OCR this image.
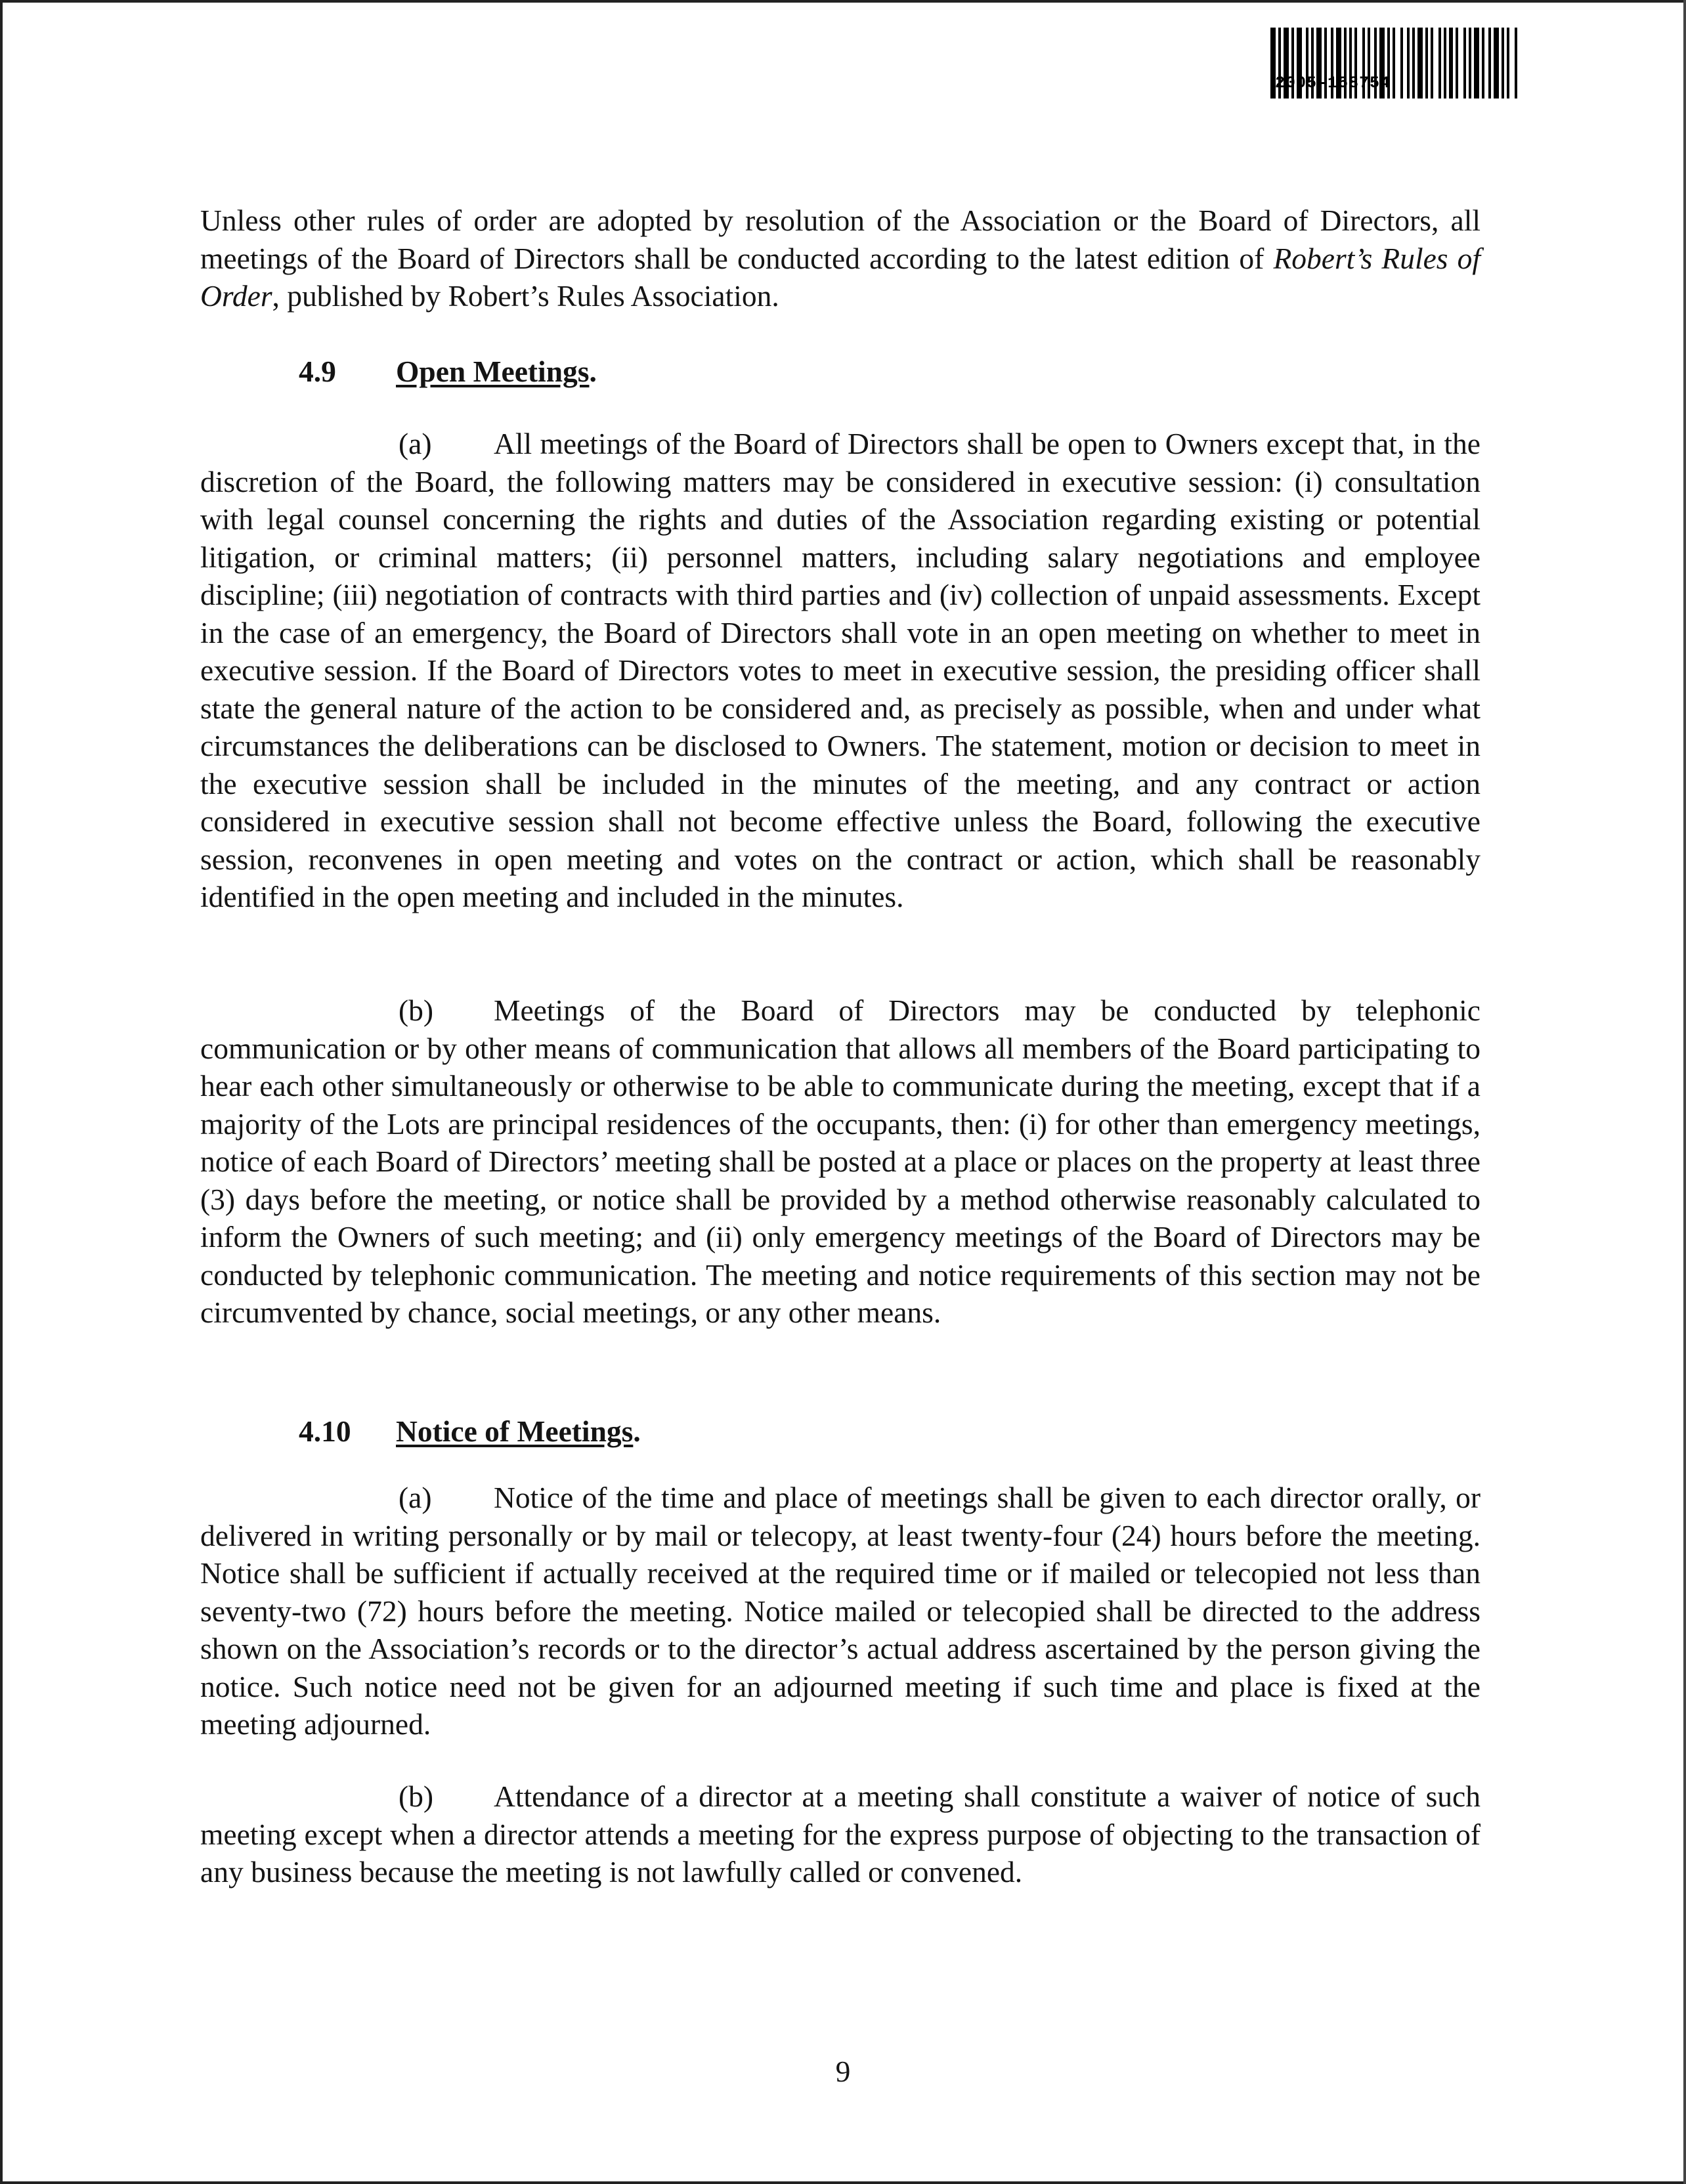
2005-158754

Unless other rules of order are adopted by resolution of the Association or the Board of Directors, all meetings of the Board of Directors shall be conducted according to the latest edition of Robert’s Rules of Order, published by Robert’s Rules Association.

4.9 Open Meetings.

(a) All meetings of the Board of Directors shall be open to Owners except that, in the discretion of the Board, the following matters may be considered in executive session: (i) consultation with legal counsel concerning the rights and duties of the Association regarding existing or potential litigation, or criminal matters; (ii) personnel matters, including salary negotiations and employee discipline; (iii) negotiation of contracts with third parties and (iv) collection of unpaid assessments. Except in the case of an emergency, the Board of Directors shall vote in an open meeting on whether to meet in executive session. If the Board of Directors votes to meet in executive session, the presiding officer shall state the general nature of the action to be considered and, as precisely as possible, when and under what circumstances the deliberations can be disclosed to Owners. The statement, motion or decision to meet in the executive session shall be included in the minutes of the meeting, and any contract or action considered in executive session shall not become effective unless the Board, following the executive session, reconvenes in open meeting and votes on the contract or action, which shall be reasonably identified in the open meeting and included in the minutes.

(b) Meetings of the Board of Directors may be conducted by telephonic communication or by other means of communication that allows all members of the Board participating to hear each other simultaneously or otherwise to be able to communicate during the meeting, except that if a majority of the Lots are principal residences of the occupants, then: (i) for other than emergency meetings, notice of each Board of Directors’ meeting shall be posted at a place or places on the property at least three (3) days before the meeting, or notice shall be provided by a method otherwise reasonably calculated to inform the Owners of such meeting; and (ii) only emergency meetings of the Board of Directors may be conducted by telephonic communication. The meeting and notice requirements of this section may not be circumvented by chance, social meetings, or any other means.

4.10 Notice of Meetings.

(a) Notice of the time and place of meetings shall be given to each director orally, or delivered in writing personally or by mail or telecopy, at least twenty-four (24) hours before the meeting. Notice shall be sufficient if actually received at the required time or if mailed or telecopied not less than seventy-two (72) hours before the meeting. Notice mailed or telecopied shall be directed to the address shown on the Association’s records or to the director’s actual address ascertained by the person giving the notice. Such notice need not be given for an adjourned meeting if such time and place is fixed at the meeting adjourned.

(b) Attendance of a director at a meeting shall constitute a waiver of notice of such meeting except when a director attends a meeting for the express purpose of objecting to the transaction of any business because the meeting is not lawfully called or convened.

9
